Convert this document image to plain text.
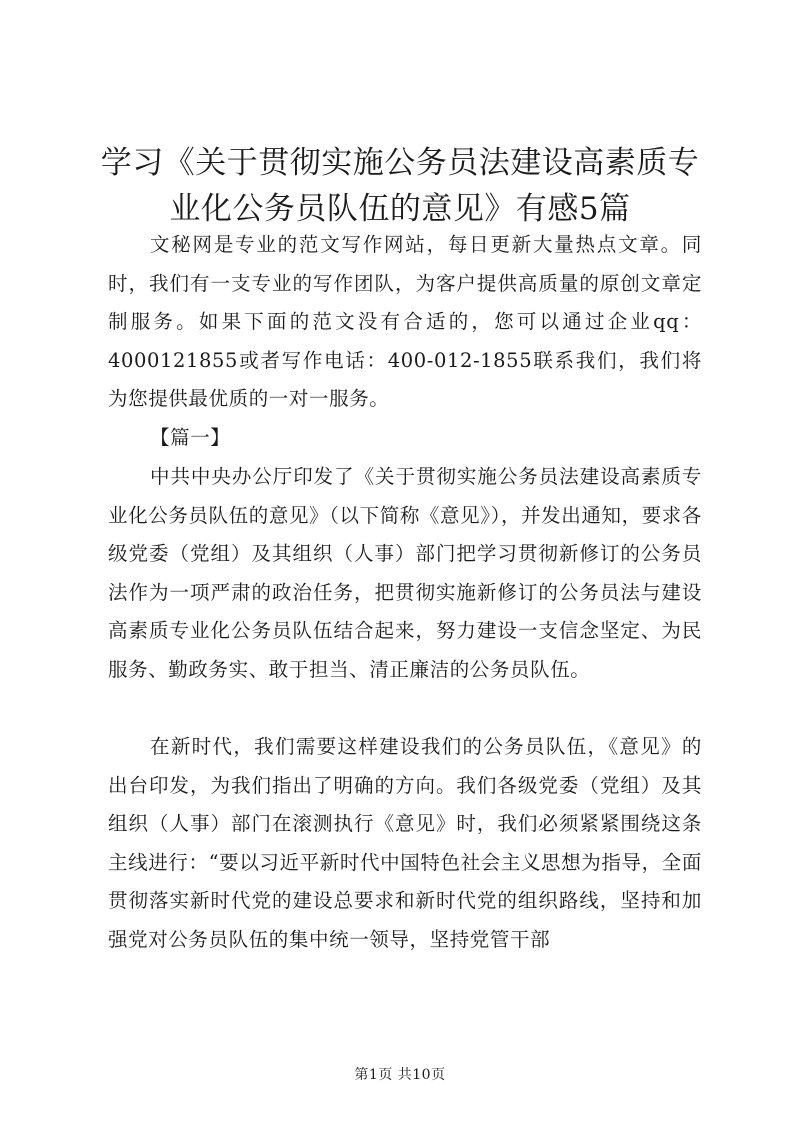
学习《关于贯彻实施公务员法建设高素质专业化公务员队伍的意见》有感5篇

文秘网是专业的范文写作网站，每日更新大量热点文章。同时，我们有一支专业的写作团队，为客户提供高质量的原创文章定制服务。如果下面的范文没有合适的，您可以通过企业qq：4000121855或者写作电话：400-012-1855联系我们，我们将为您提供最优质的一对一服务。

【篇一】

中共中央办公厅印发了《关于贯彻实施公务员法建设高素质专业化公务员队伍的意见》（以下简称《意见》），并发出通知，要求各级党委（党组）及其组织（人事）部门把学习贯彻新修订的公务员法作为一项严肃的政治任务，把贯彻实施新修订的公务员法与建设高素质专业化公务员队伍结合起来，努力建设一支信念坚定、为民服务、勤政务实、敢于担当、清正廉洁的公务员队伍。

在新时代，我们需要这样建设我们的公务员队伍，《意见》的出台印发，为我们指出了明确的方向。我们各级党委（党组）及其组织（人事）部门在滚测执行《意见》时，我们必须紧紧围绕这条主线进行：“要以习近平新时代中国特色社会主义思想为指导，全面贯彻落实新时代党的建设总要求和新时代党的组织路线，坚持和加强党对公务员队伍的集中统一领导，坚持党管干部

第1页 共10页
